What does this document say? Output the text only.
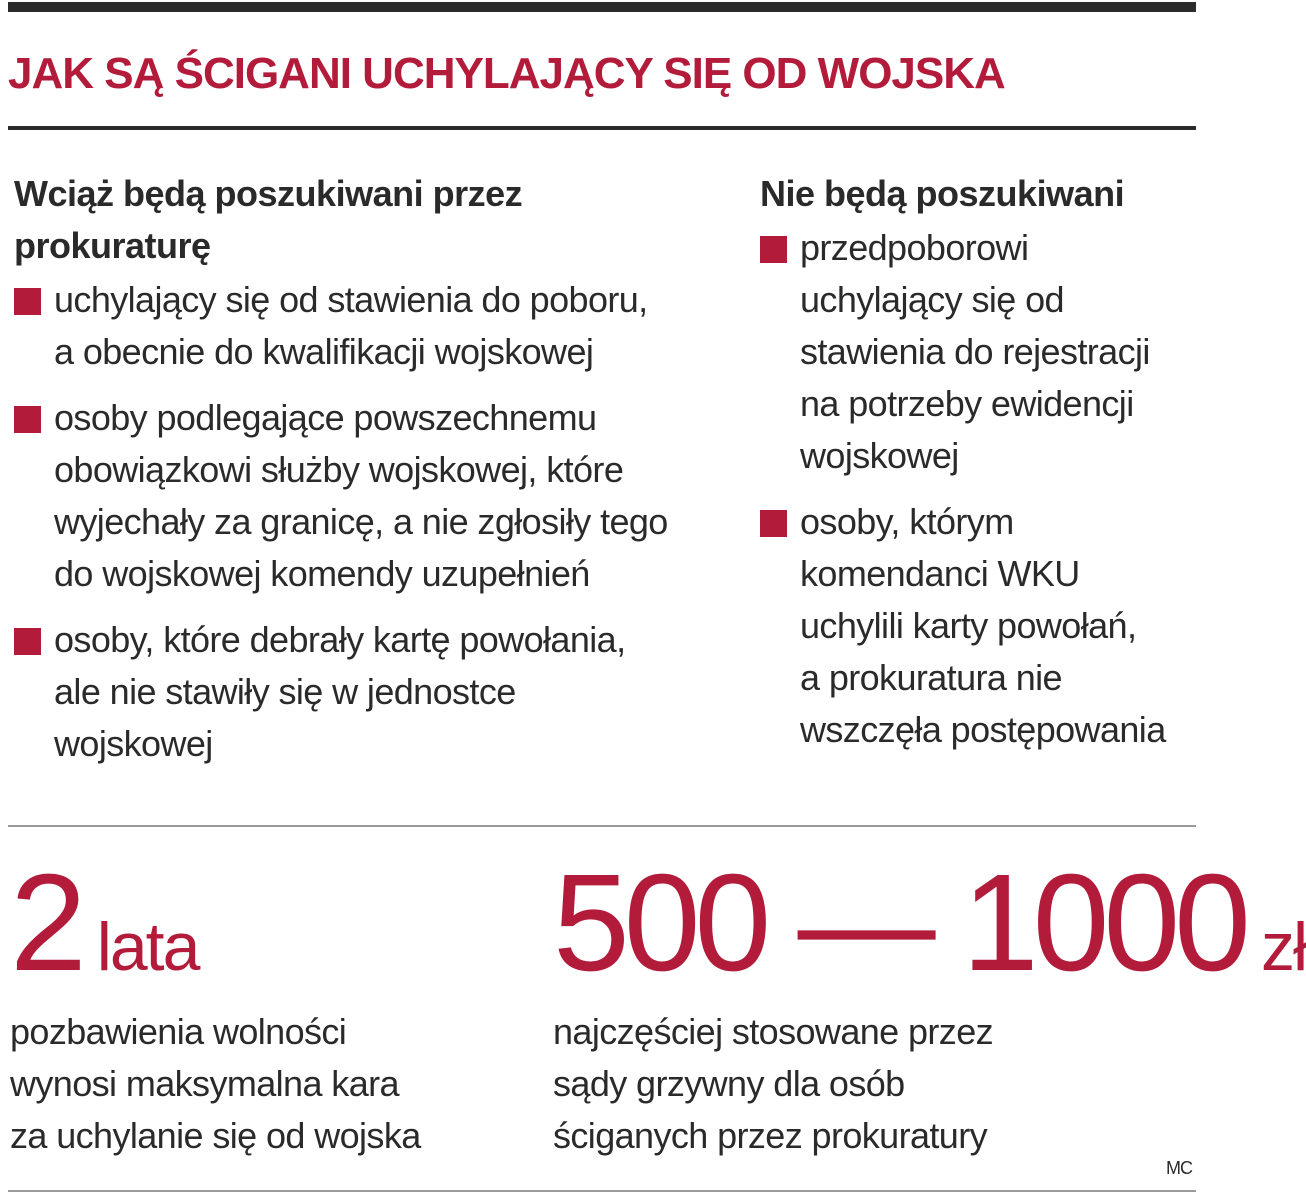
JAK SĄ ŚCIGANI UCHYLAJĄCY SIĘ OD WOJSKA
Wciąż będą poszukiwani przez
prokuraturę
uchylający się od stawienia do poboru,
a obecnie do kwalifikacji wojskowej
osoby podlegające powszechnemu
obowiązkowi służby wojskowej, które
wyjechały za granicę, a nie zgłosiły tego
do wojskowej komendy uzupełnień
osoby, które debrały kartę powołania,
ale nie stawiły się w jednostce
wojskowej
Nie będą poszukiwani
przedpoborowi
uchylający się od
stawienia do rejestracji
na potrzeby ewidencji
wojskowej
osoby, którym
komendanci WKU
uchylili karty powołań,
a prokuratura nie
wszczęła postępowania
2 lata
pozbawienia wolności
wynosi maksymalna kara
za uchylanie się od wojska
500 — 1000 zł
najczęściej stosowane przez
sądy grzywny dla osób
ściganych przez prokuratury
MC
